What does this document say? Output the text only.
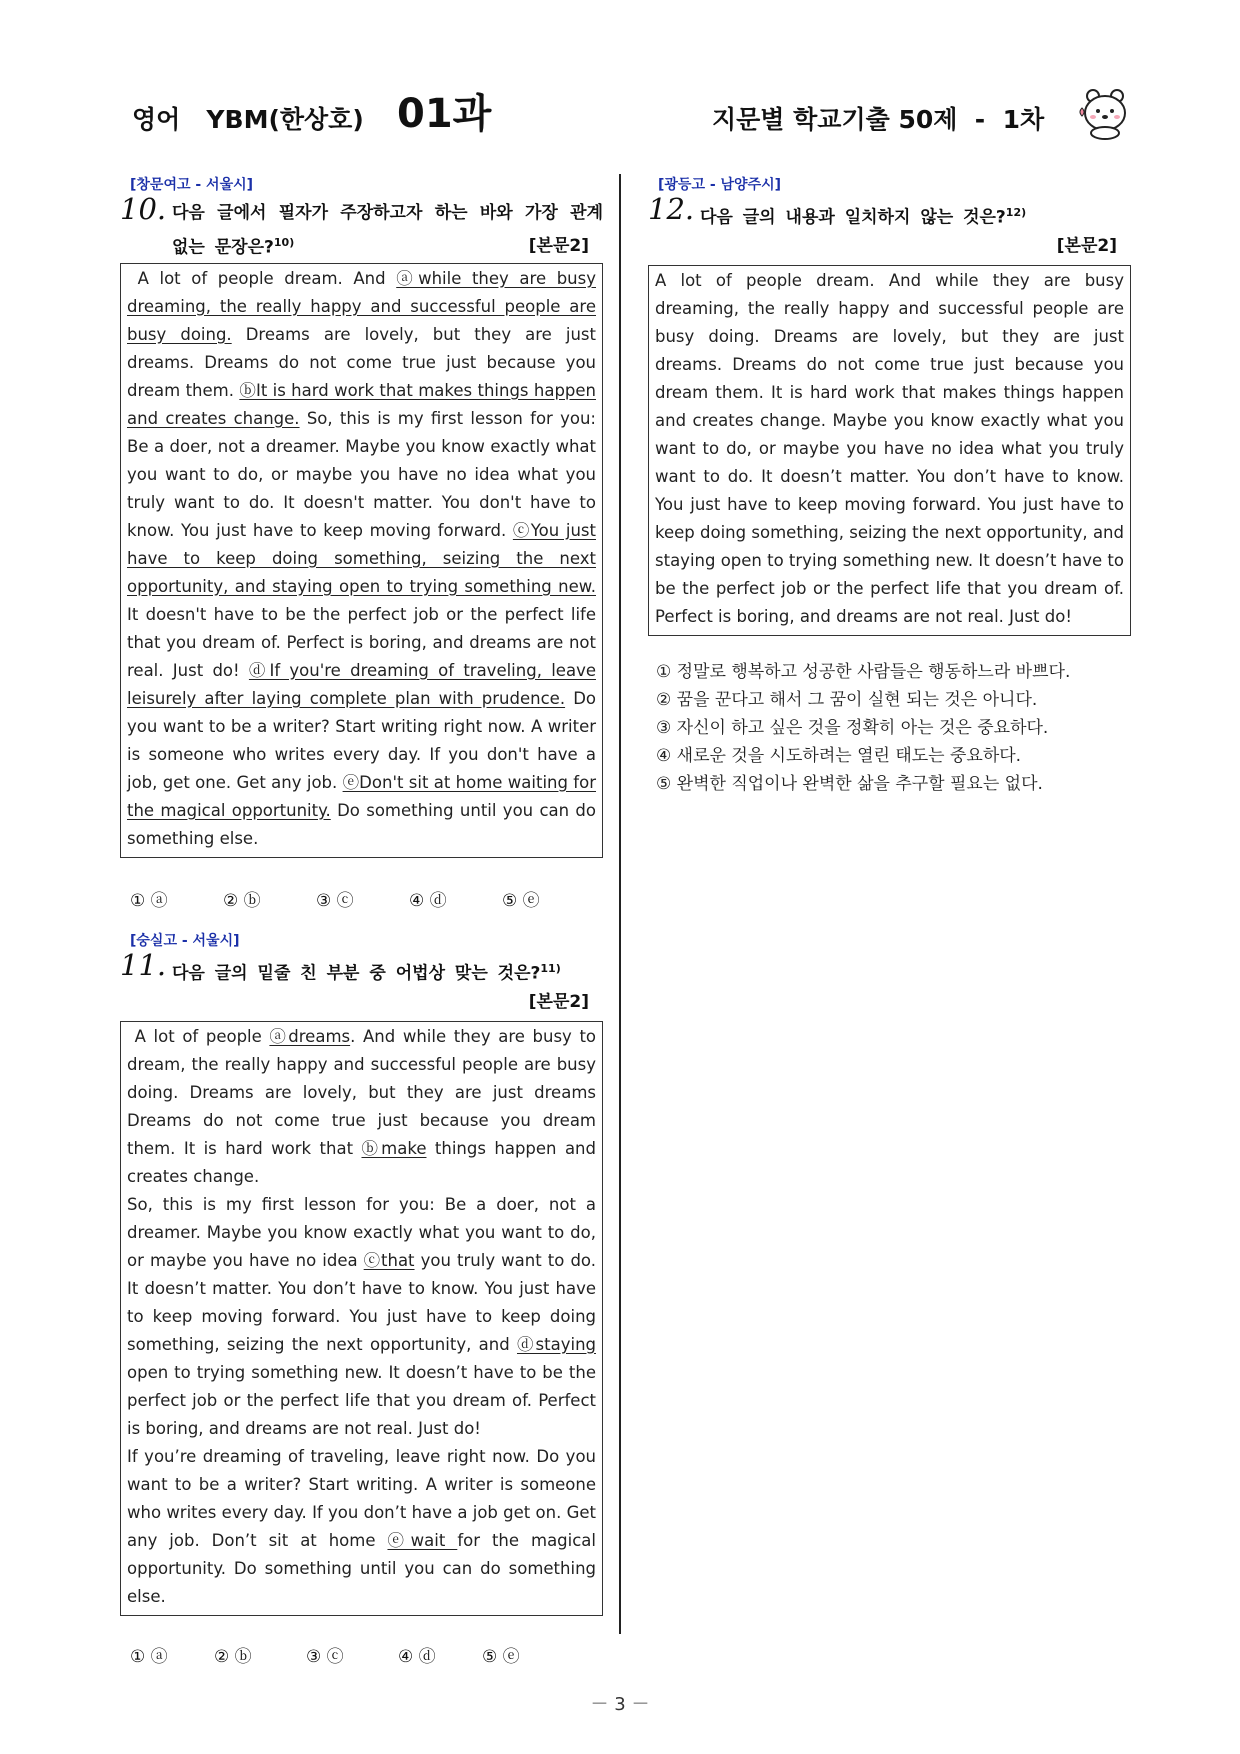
영어   YBM(한상호) 01과	지문별 학교기출 50제  -  1차
[창문여고 - 서울시]
10. 다음 글에서 필자가 주장하고자 하는 바와 가장 관계 없는 문장은?$^{10)}$	[본문2]

A lot of people dream. And ⓐwhile they are busy dreaming, the really happy and successful people are busy doing. Dreams are lovely, but they are just dreams. Dreams do not come true just because you dream them. ⓑIt is hard work that makes things happen and creates change. So, this is my first lesson for you: Be a doer, not a dreamer. Maybe you know exactly what you want to do, or maybe you have no idea what you truly want to do. It doesn't matter. You don't have to know. You just have to keep moving forward. ⓒYou just have to keep doing something, seizing the next opportunity, and staying open to trying something new. It doesn't have to be the perfect job or the perfect life that you dream of. Perfect is boring, and dreams are not real. Just do! ⓓIf you're dreaming of traveling, leave leisurely after laying complete plan with prudence. Do you want to be a writer? Start writing right now. A writer is someone who writes every day. If you don't have a job, get one. Get any job. ⓔDon't sit at home waiting for the magical opportunity. Do something until you can do something else.

① ⓐ	② ⓑ	③ ⓒ	④ ⓓ	⑤ ⓔ
[숭실고 - 서울시]
11. 다음 글의 밑줄 친 부분 중 어법상 맞는 것은?$^{11)}$
[본문2]

A lot of people ⓐdreams. And while they are busy to dream, the really happy and successful people are busy doing. Dreams are lovely, but they are just dreams Dreams do not come true just because you dream them. It is hard work that ⓑmake things happen and creates change.

So, this is my first lesson for you: Be a doer, not a dreamer. Maybe you know exactly what you want to do, or maybe you have no idea ⓒthat you truly want to do. It doesn’t matter. You don’t have to know. You just have to keep moving forward. You just have to keep doing something, seizing the next opportunity, and ⓓstaying open to trying something new. It doesn’t have to be the perfect job or the perfect life that you dream of. Perfect is boring, and dreams are not real. Just do!

If you’re dreaming of traveling, leave right now. Do you want to be a writer? Start writing. A writer is someone who writes every day. If you don’t have a job get on. Get any job. Don’t sit at home ⓔwait for the magical opportunity. Do something until you can do something else.

① ⓐ	② ⓑ	③ ⓒ	④ ⓓ	⑤ ⓔ
[광등고 - 남양주시]
12. 다음 글의 내용과 일치하지 않는 것은?$^{12)}$
[본문2]

A lot of people dream. And while they are busy dreaming, the really happy and successful people are busy doing. Dreams are lovely, but they are just dreams. Dreams do not come true just because you dream them. It is hard work that makes things happen and creates change. Maybe you know exactly what you want to do, or maybe you have no idea what you truly want to do. It doesn’t matter. You don’t have to know. You just have to keep moving forward. You just have to keep doing something, seizing the next opportunity, and staying open to trying something new. It doesn’t have to be the perfect job or the perfect life that you dream of. Perfect is boring, and dreams are not real. Just do!

① 정말로 행복하고 성공한 사람들은 행동하느라 바쁘다.
② 꿈을 꾼다고 해서 그 꿈이 실현 되는 것은 아니다.
③ 자신이 하고 싶은 것을 정확히 아는 것은 중요하다.
④ 새로운 것을 시도하려는 열린 태도는 중요하다.
⑤ 완벽한 직업이나 완벽한 삶을 추구할 필요는 없다.
－ 3 －
